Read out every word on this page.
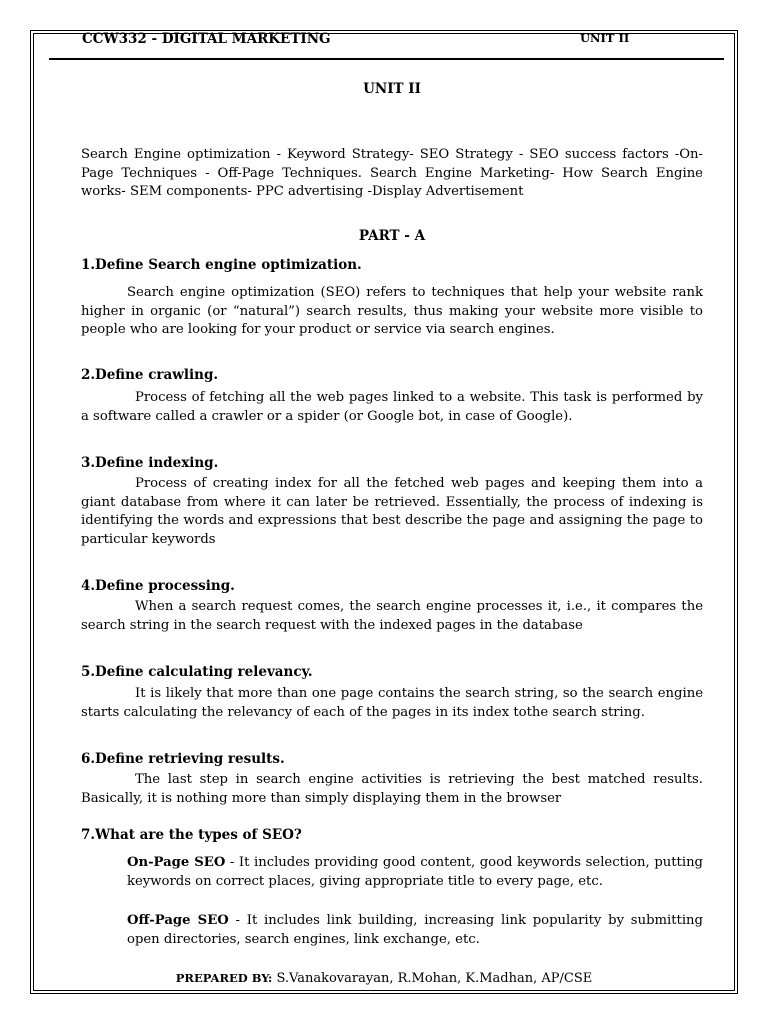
CCW332 - DIGITAL MARKETING	UNIT II
UNIT II
Search Engine optimization - Keyword Strategy- SEO Strategy - SEO success factors -On-Page Techniques - Off-Page Techniques. Search Engine Marketing- How Search Engine works- SEM components- PPC advertising -Display Advertisement
PART - A
1.Define Search engine optimization.
Search engine optimization (SEO) refers to techniques that help your website rank higher in organic (or “natural”) search results, thus making your website more visible to people who are looking for your product or service via search engines.
2.Define crawling.
Process of fetching all the web pages linked to a website. This task is performed by a software called a crawler or a spider (or Google bot, in case of Google).
3.Define indexing.
Process of creating index for all the fetched web pages and keeping them into a giant database from where it can later be retrieved. Essentially, the process of indexing is identifying the words and expressions that best describe the page and assigning the page to particular keywords
4.Define processing.
When a search request comes, the search engine processes it, i.e., it compares the search string in the search request with the indexed pages in the database
5.Define calculating relevancy.
It is likely that more than one page contains the search string, so the search engine starts calculating the relevancy of each of the pages in its index tothe search string.
6.Define retrieving results.
The last step in search engine activities is retrieving the best matched results. Basically, it is nothing more than simply displaying them in the browser
7.What are the types of SEO?
On-Page SEO - It includes providing good content, good keywords selection, putting keywords on correct places, giving appropriate title to every page, etc.
Off-Page SEO - It includes link building, increasing link popularity by submitting open directories, search engines, link exchange, etc.
PREPARED BY: S.Vanakovarayan, R.Mohan, K.Madhan, AP/CSE
